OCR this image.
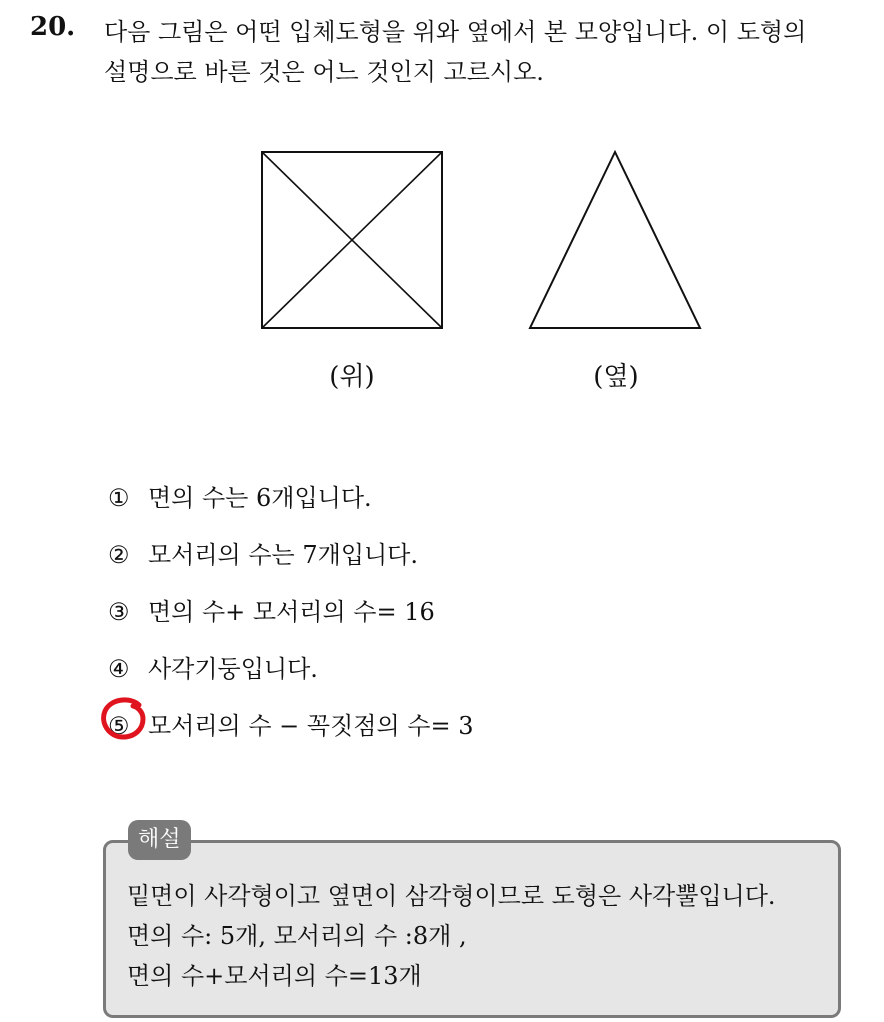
20. 다음 그림은 어떤 입체도형을 위와 옆에서 본 모양입니다. 이 도형의
설명으로 바른 것은 어느 것인지 고르시오.
(위)	(옆)
① 면의 수는 6개입니다.
② 모서리의 수는 7개입니다.
③ 면의 수+ 모서리의 수= 16
④ 사각기둥입니다.
⑤ 모서리의 수 − 꼭짓점의 수= 3
해설
밑면이 사각형이고 옆면이 삼각형이므로 도형은 사각뿔입니다.
면의 수: 5개, 모서리의 수 :8개 ,
면의 수+모서리의 수=13개
